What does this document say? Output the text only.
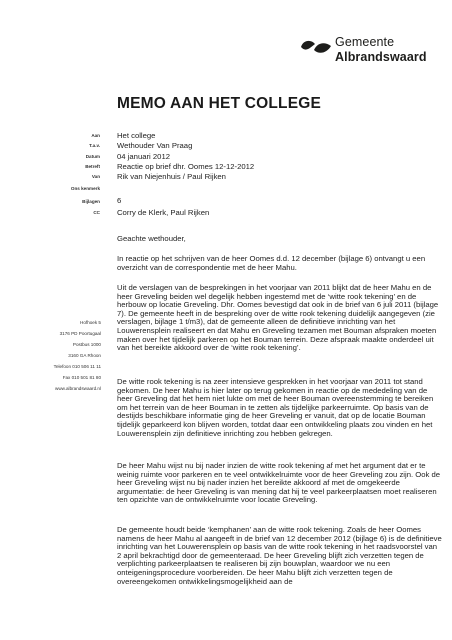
Gemeente
Albrandswaard
MEMO AAN HET COLLEGE
Aan Het college
T.a.v. Wethouder Van Praag
Datum 04 januari 2012
Betreft Reactie op brief dhr. Oomes 12-12-2012
Van Rik van Niejenhuis / Paul Rijken
Ons kenmerk
Bijlagen 6
CC Corry de Klerk, Paul Rijken
Hofhoek 5
3176 PD Poortugaal
Postbus 1000
3160 GA Rhoon
Telefoon 010 506 11 11
Fax 010 501 81 80
www.albrandswaard.nl

Geachte wethouder,

In reactie op het schrijven van de heer Oomes d.d. 12 december (bijlage 6) ontvangt u een overzicht van de correspondentie met de heer Mahu.

Uit de verslagen van de besprekingen in het voorjaar van 2011 blijkt dat de heer Mahu en de heer Greveling beiden wel degelijk hebben ingestemd met de ‘witte rook tekening’ en de herbouw op locatie Greveling. Dhr. Oomes bevestigd dat ook in de brief van 6 juli 2011 (bijlage 7). De gemeente heeft in de bespreking over de witte rook tekening duidelijk aangegeven (zie verslagen, bijlage 1 t/m3), dat de gemeente alleen de definitieve inrichting van het Louwerensplein realiseert en dat Mahu en Greveling tezamen met Bouman afspraken moeten maken over het tijdelijk parkeren op het Bouman terrein. Deze afspraak maakte onderdeel uit van het bereikte akkoord over de ‘witte rook tekening’.

De witte rook tekening is na zeer intensieve gesprekken in het voorjaar van 2011 tot stand gekomen. De heer Mahu is hier later op terug gekomen in reactie op de mededeling van de heer Greveling dat het hem niet lukte om met de heer Bouman overeenstemming te bereiken om het terrein van de heer Bouman in te zetten als tijdelijke parkeerruimte. Op basis van de destijds beschikbare informatie ging de heer Greveling er vanuit, dat op de locatie Bouman tijdelijk geparkeerd kon blijven worden, totdat daar een ontwikkeling plaats zou vinden en het Louwerensplein zijn definitieve inrichting zou hebben gekregen.

De heer Mahu wijst nu bij nader inzien de witte rook tekening af met het argument dat er te weinig ruimte voor parkeren en te veel ontwikkelruimte voor de heer Greveling zou zijn. Ook de heer Greveling wijst nu bij nader inzien het bereikte akkoord af met de omgekeerde argumentatie: de heer Greveling is van mening dat hij te veel parkeerplaatsen moet realiseren ten opzichte van de ontwikkelruimte voor locatie Greveling.

De gemeente houdt beide ‘kemphanen’ aan de witte rook tekening. Zoals de heer Oomes namens de heer Mahu al aangeeft in de brief van 12 december 2012 (bijlage 6) is de definitieve inrichting van het Louwerensplein op basis van de witte rook tekening in het raadsvoorstel van 2 april bekrachtigd door de gemeenteraad. De heer Greveling blijft zich verzetten tegen de verplichting parkeerplaatsen te realiseren bij zijn bouwplan, waardoor we nu een onteigeningsprocedure voorbereiden. De heer Mahu blijft zich verzetten tegen de overeengekomen ontwikkelingsmogelijkheid aan de
